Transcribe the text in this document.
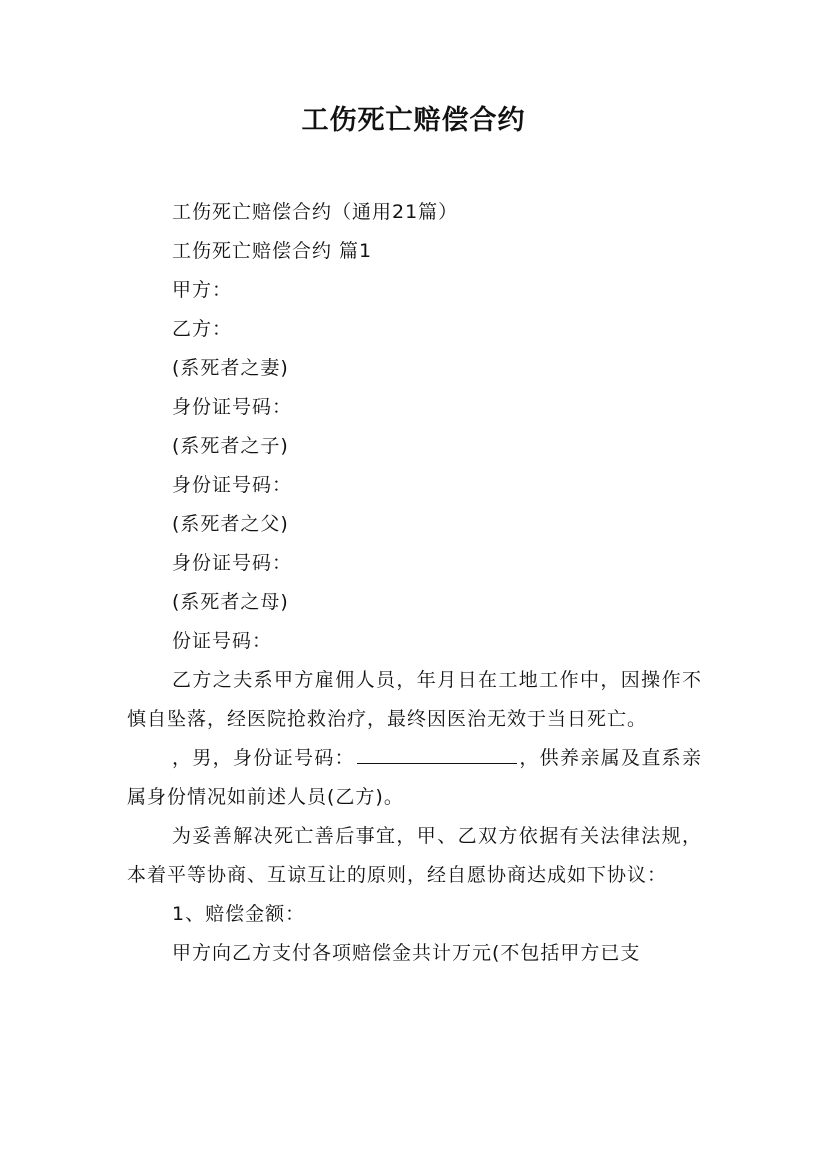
工伤死亡赔偿合约

工伤死亡赔偿合约（通用21篇）

工伤死亡赔偿合约 篇1

甲方：

乙方：

(系死者之妻)

身份证号码：

(系死者之子)

身份证号码：

(系死者之父)

身份证号码：

(系死者之母)

份证号码：

乙方之夫系甲方雇佣人员，年月日在工地工作中，因操作不慎自坠落，经医院抢救治疗，最终因医治无效于当日死亡。

，男，身份证号码：	，供养亲属及直系亲属身份情况如前述人员(乙方)。

为妥善解决死亡善后事宜，甲、乙双方依据有关法律法规，本着平等协商、互谅互让的原则，经自愿协商达成如下协议：

1、赔偿金额：

甲方向乙方支付各项赔偿金共计万元(不包括甲方已支
